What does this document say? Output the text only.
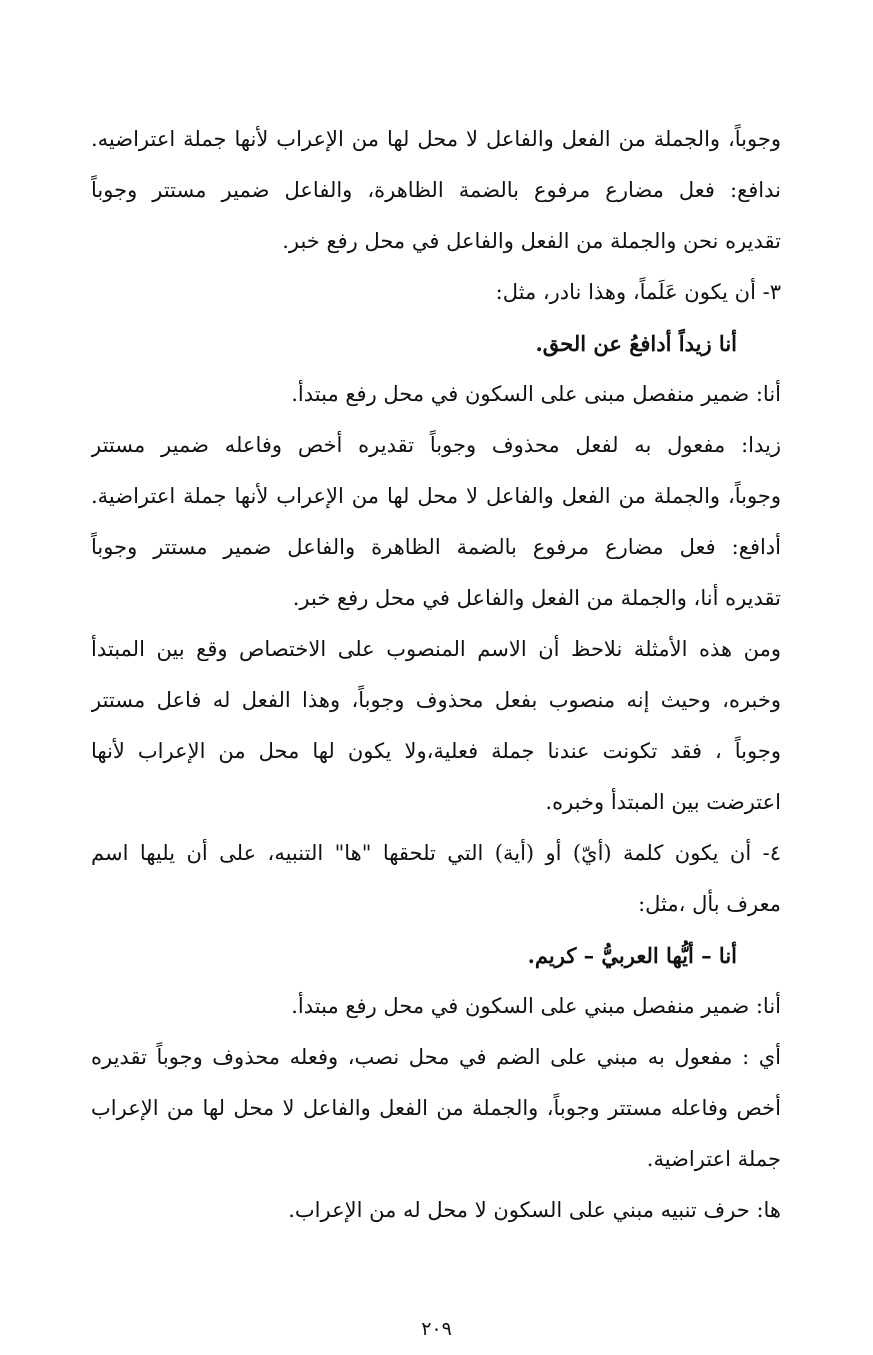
وجوباً، والجملة من الفعل والفاعل لا محل لها من الإعراب لأنها جملة اعتراضيه.
ندافع: فعل مضارع مرفوع بالضمة الظاهرة، والفاعل ضمير مستتر وجوباً
تقديره نحن والجملة من الفعل والفاعل في محل رفع خبر.
٣- أن يكون عَلَماً، وهذا نادر، مثل:
أنا زيداً أدافعُ عن الحق.
أنا: ضمير منفصل مبنى على السكون في محل رفع مبتدأ.
زيدا: مفعول به لفعل محذوف وجوباً تقديره أخص وفاعله ضمير مستتر
وجوباً، والجملة من الفعل والفاعل لا محل لها من الإعراب لأنها جملة اعتراضية.
أدافع: فعل مضارع مرفوع بالضمة الظاهرة والفاعل ضمير مستتر وجوباً
تقديره أنا، والجملة من الفعل والفاعل في محل رفع خبر.
ومن هذه الأمثلة نلاحظ أن الاسم المنصوب على الاختصاص وقع بين المبتدأ
وخبره، وحيث إنه منصوب بفعل محذوف وجوباً، وهذا الفعل له فاعل مستتر
وجوباً ، فقد تكونت عندنا جملة فعلية،ولا يكون لها محل من الإعراب لأنها
اعترضت بين المبتدأ وخبره.
٤- أن يكون كلمة (أيّ) أو (أية) التي تلحقها "ها" التنبيه، على أن يليها اسم
معرف بأل ،مثل:
أنا – أيُّها العربيُّ – كريم.
أنا: ضمير منفصل مبني على السكون في محل رفع مبتدأ.
أي : مفعول به مبني على الضم في محل نصب، وفعله محذوف وجوباً تقديره
أخص وفاعله مستتر وجوباً، والجملة من الفعل والفاعل لا محل لها من الإعراب
جملة اعتراضية.
ها: حرف تنبيه مبني على السكون لا محل له من الإعراب.
٢٠٩
